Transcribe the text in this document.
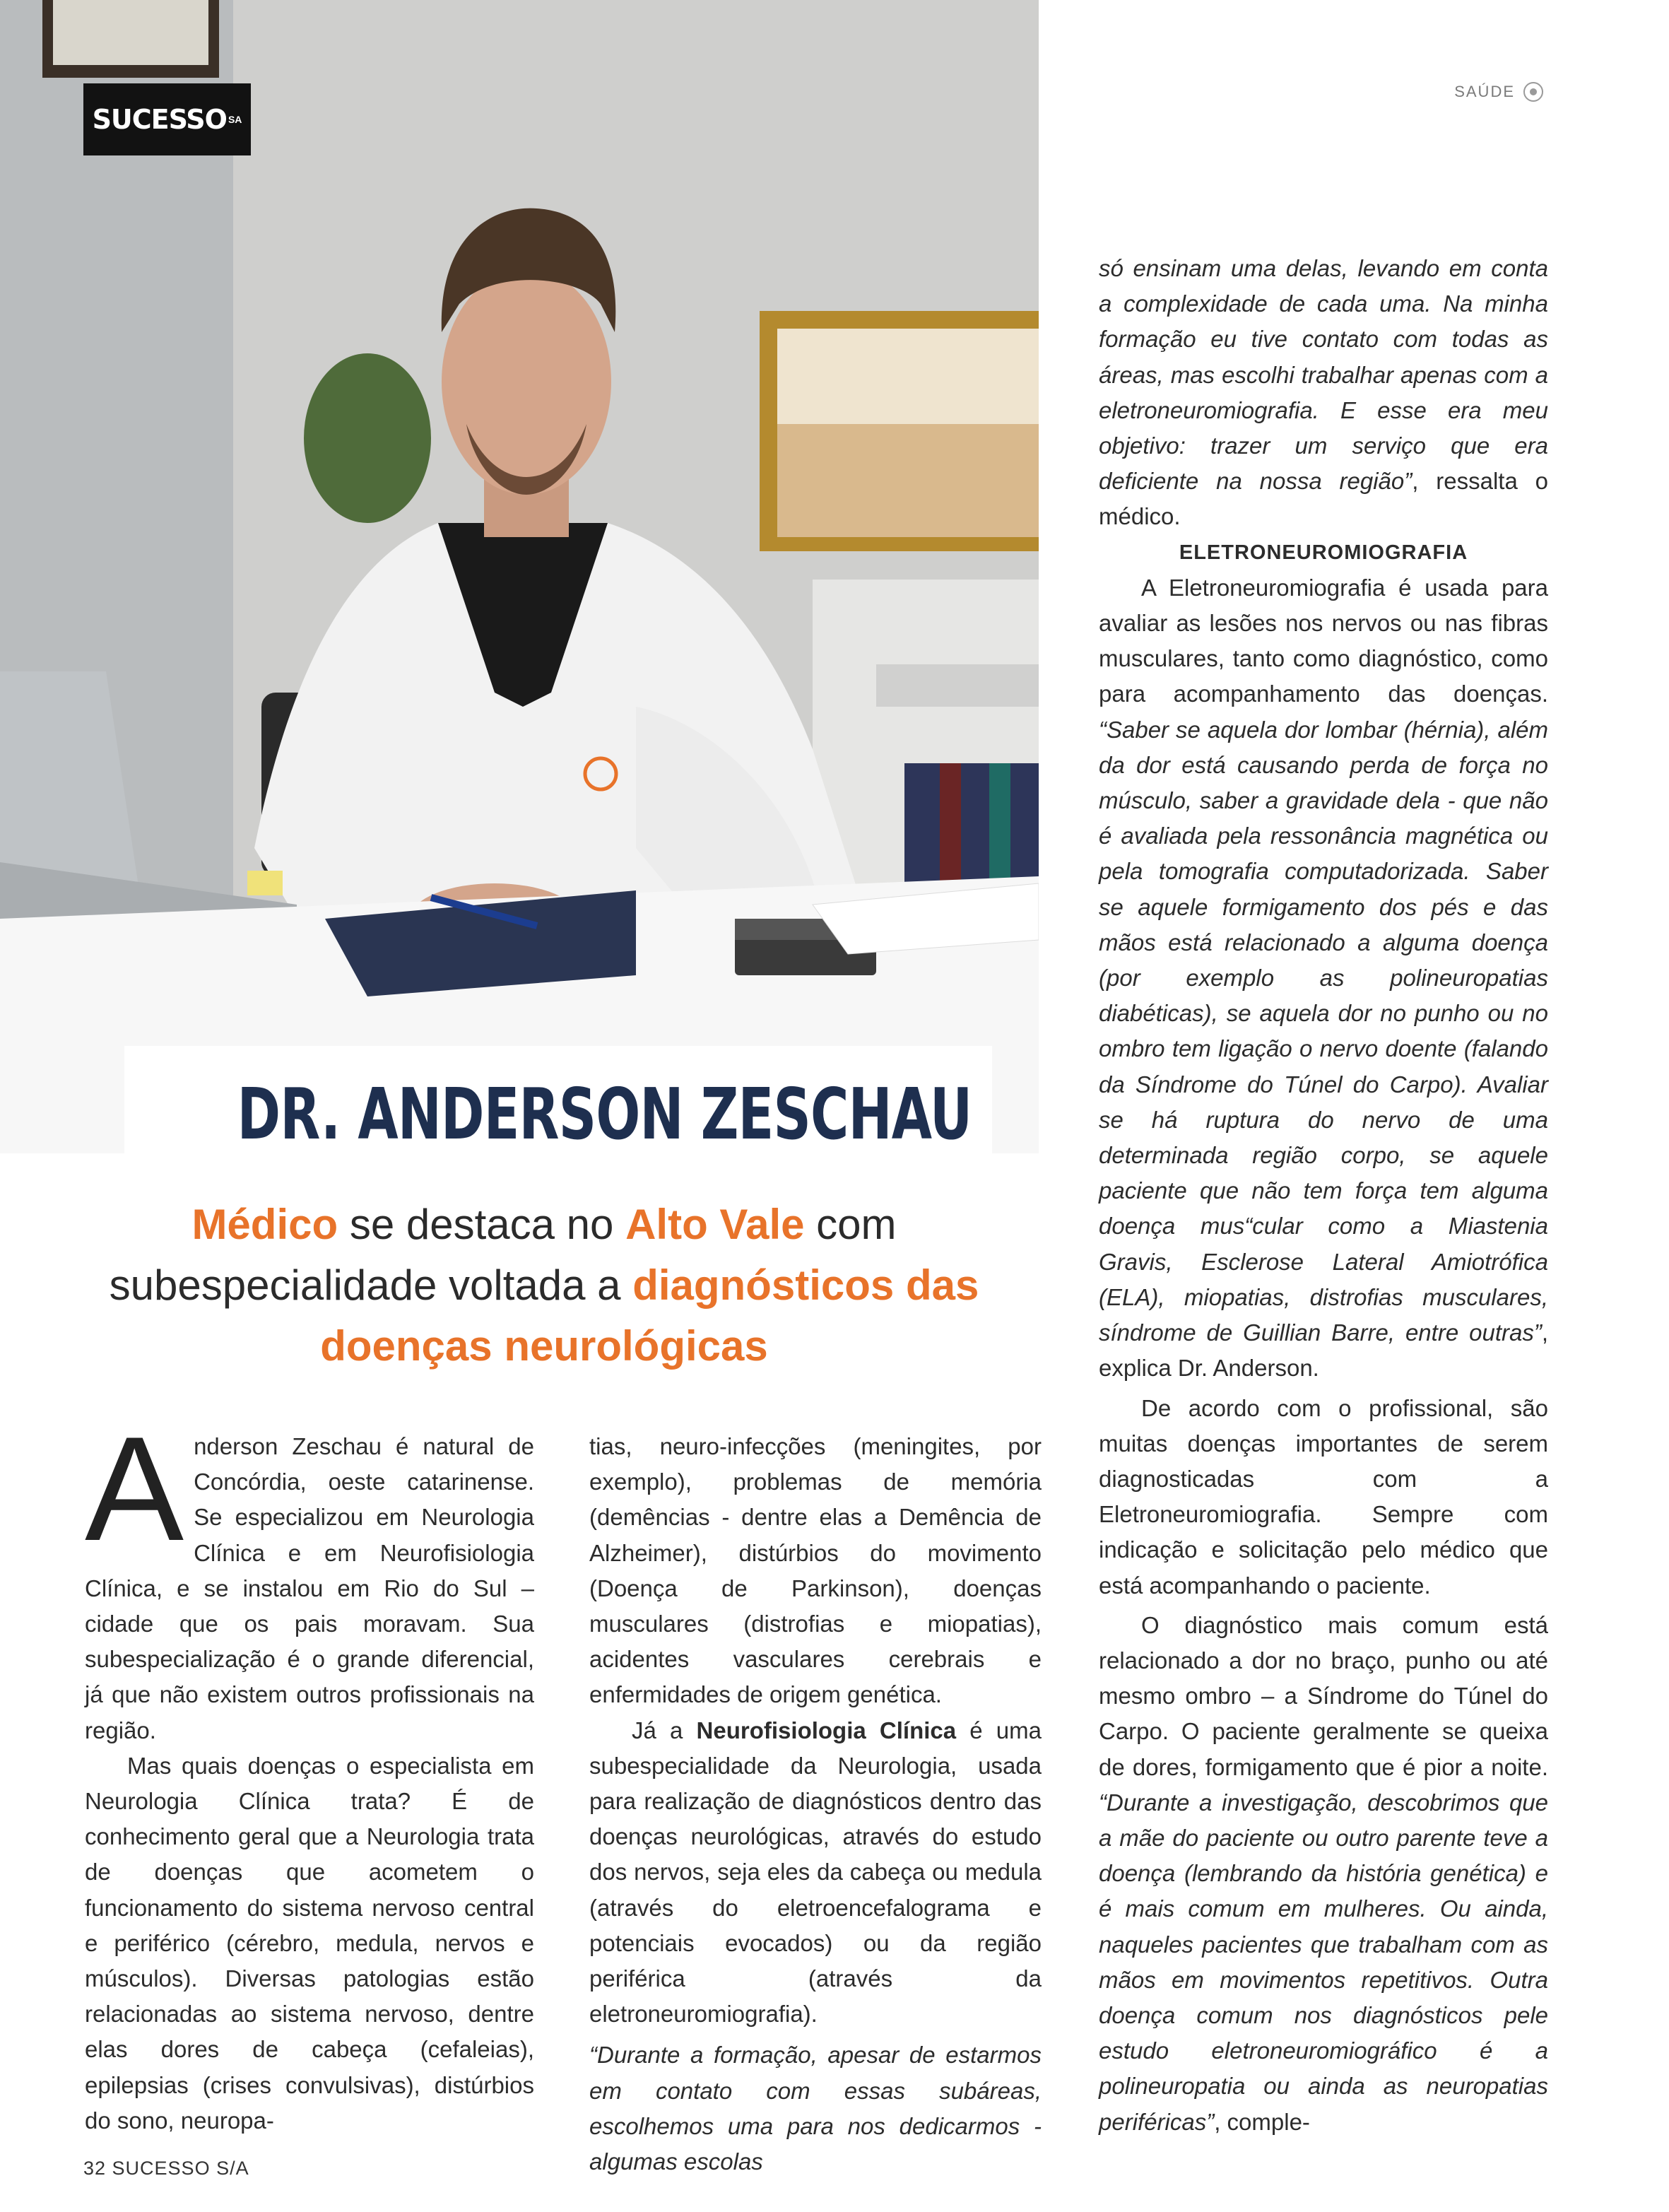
SUCESSO SA
SAÚDE
DR. ANDERSON ZESCHAU
Médico se destaca no Alto Vale com subespecialidade voltada a diagnósticos das doenças neurológicas

Anderson Zeschau é natural de Concórdia, oeste catarinense. Se especializou em Neurologia Clínica e em Neurofisiologia Clínica, e se instalou em Rio do Sul – cidade que os pais moravam. Sua subespecialização é o grande diferencial, já que não existem outros profissionais na região.

Mas quais doenças o especialista em Neurologia Clínica trata? É de conhecimento geral que a Neurologia trata de doenças que acometem o funcionamento do sistema nervoso central e periférico (cérebro, medula, nervos e músculos). Diversas patologias estão relacionadas ao sistema nervoso, dentre elas dores de cabeça (cefaleias), epilepsias (crises convulsivas), distúrbios do sono, neuropa-

tias, neuro-infecções (meningites, por exemplo), problemas de memória (demências - dentre elas a Demência de Alzheimer), distúrbios do movimento (Doença de Parkinson), doenças musculares (distrofias e miopatias), acidentes vasculares cerebrais e enfermidades de origem genética.

Já a Neurofisiologia Clínica é uma subespecialidade da Neurologia, usada para realização de diagnósticos dentro das doenças neurológicas, através do estudo dos nervos, seja eles da cabeça ou medula (através do eletroencefalograma e potenciais evocados) ou da região periférica (através da eletroneuromiografia).

“Durante a formação, apesar de estarmos em contato com essas subáreas, escolhemos uma para nos dedicarmos - algumas escolas

só ensinam uma delas, levando em conta a complexidade de cada uma. Na minha formação eu tive contato com todas as áreas, mas escolhi trabalhar apenas com a eletroneuromiografia. E esse era meu objetivo: trazer um serviço que era deficiente na nossa região”, ressalta o médico.

ELETRONEUROMIOGRAFIA

A Eletroneuromiografia é usada para avaliar as lesões nos nervos ou nas fibras musculares, tanto como diagnóstico, como para acompanhamento das doenças. “Saber se aquela dor lombar (hérnia), além da dor está causando perda de força no músculo, saber a gravidade dela - que não é avaliada pela ressonância magnética ou pela tomografia computadorizada. Saber se aquele formigamento dos pés e das mãos está relacionado a alguma doença (por exemplo as polineuropatias diabéticas), se aquela dor no punho ou no ombro tem ligação o nervo doente (falando da Síndrome do Túnel do Carpo). Avaliar se há ruptura do nervo de uma determinada região corpo, se aquele paciente que não tem força tem alguma doença mus“cular como a Miastenia Gravis, Esclerose Lateral Amiotrófica (ELA), miopatias, distrofias musculares, síndrome de Guillian Barre, entre outras”, explica Dr. Anderson.

De acordo com o profissional, são muitas doenças importantes de serem diagnosticadas com a Eletroneuromiografia. Sempre com indicação e solicitação pelo médico que está acompanhando o paciente.

O diagnóstico mais comum está relacionado a dor no braço, punho ou até mesmo ombro – a Síndrome do Túnel do Carpo. O paciente geralmente se queixa de dores, formigamento que é pior a noite. “Durante a investigação, descobrimos que a mãe do paciente ou outro parente teve a doença (lembrando da história genética) e é mais comum em mulheres. Ou ainda, naqueles pacientes que trabalham com as mãos em movimentos repetitivos. Outra doença comum nos diagnósticos pele estudo eletroneuromiográfico é a polineuropatia ou ainda as neuropatias periféricas”, comple-

32 SUCESSO S/A
